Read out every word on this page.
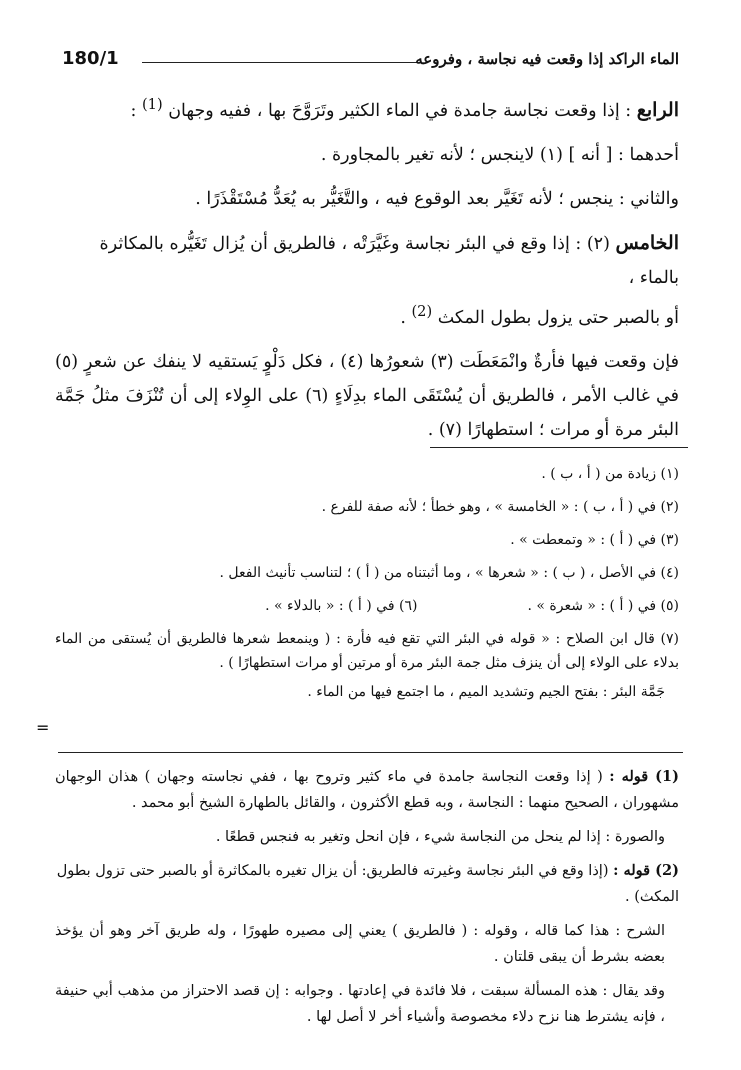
180/1	الماء الراكد إذا وقعت فيه نجاسة ، وفروعه

الرابع : إذا وقعت نجاسة جامدة في الماء الكثير وتَرَوَّحَ بها ، ففيه وجهان $^{(1)}$ :

أحدهما : [ أنه ] (١) لاينجس ؛ لأنه تغير بالمجاورة .

والثاني : ينجس ؛ لأنه تَغَيَّر بعد الوقوع فيه ، والتَّغَيُّر به يُعَدُّ مُسْتَقْذَرًا .

الخامس (٢) : إذا وقع في البئر نجاسة وغَيَّرَتْه ، فالطريق أن يُزال تَغَيُّره بالمكاثرة بالماء ،

أو بالصبر حتى يزول بطول المكث $^{(2)}$ .

فإن وقعت فيها فأرةٌ وانْمَعَطَت (٣) شعورُها (٤) ، فكل دَلْوٍ يَستقيه لا ينفك عن شعرٍ (٥) في غالب الأمر ، فالطريق أن يُسْتَقَى الماء بدِلَاءٍ (٦) على الوِلاء إلى أن تُنْزَفَ مثلُ جَمَّة البئر مرة أو مرات ؛ استطهارًا (٧) .

(١) زيادة من ( أ ، ب ) .

(٢) في ( أ ، ب ) : « الخامسة » ، وهو خطأ ؛ لأنه صفة للفرع .

(٣) في ( أ ) : « وتمعطت » .

(٤) في الأصل ، ( ب ) : « شعرها » ، وما أثبتناه من ( أ ) ؛ لتناسب تأنيث الفعل .

(٥) في ( أ ) : « شعرة » .
(٦) في ( أ ) : « بالدلاء » .

(٧) قال ابن الصلاح : « قوله في البئر التي تقع فيه فأرة : ( وينمعط شعرها فالطريق أن يُستقى من الماء بدلاء على الولاء إلى أن ينزف مثل جمة البئر مرة أو مرتين أو مرات استطهارًا ) .

جَمَّة البئر : بفتح الجيم وتشديد الميم ، ما اجتمع فيها من الماء .

=

(1) قوله : ( إذا وقعت النجاسة جامدة في ماء كثير وتروح بها ، ففي نجاسته وجهان ) هذان الوجهان مشهوران ، الصحيح منهما : النجاسة ، وبه قطع الأكثرون ، والقائل بالطهارة الشيخ أبو محمد .

والصورة : إذا لم ينحل من النجاسة شيء ، فإن انحل وتغير به فنجس قطعًا .

(2) قوله : (إذا وقع في البئر نجاسة وغيرته فالطريق: أن يزال تغيره بالمكاثرة أو بالصبر حتى تزول بطول المكث) .

الشرح : هذا كما قاله ، وقوله : ( فالطريق ) يعني إلى مصيره طهورًا ، وله طريق آخر وهو أن يؤخذ بعضه بشرط أن يبقى قلتان .

وقد يقال : هذه المسألة سبقت ، فلا فائدة في إعادتها . وجوابه : إن قصد الاحتراز من مذهب أبي حنيفة ، فإنه يشترط هنا نزح دلاء مخصوصة وأشياء أخر لا أصل لها .
